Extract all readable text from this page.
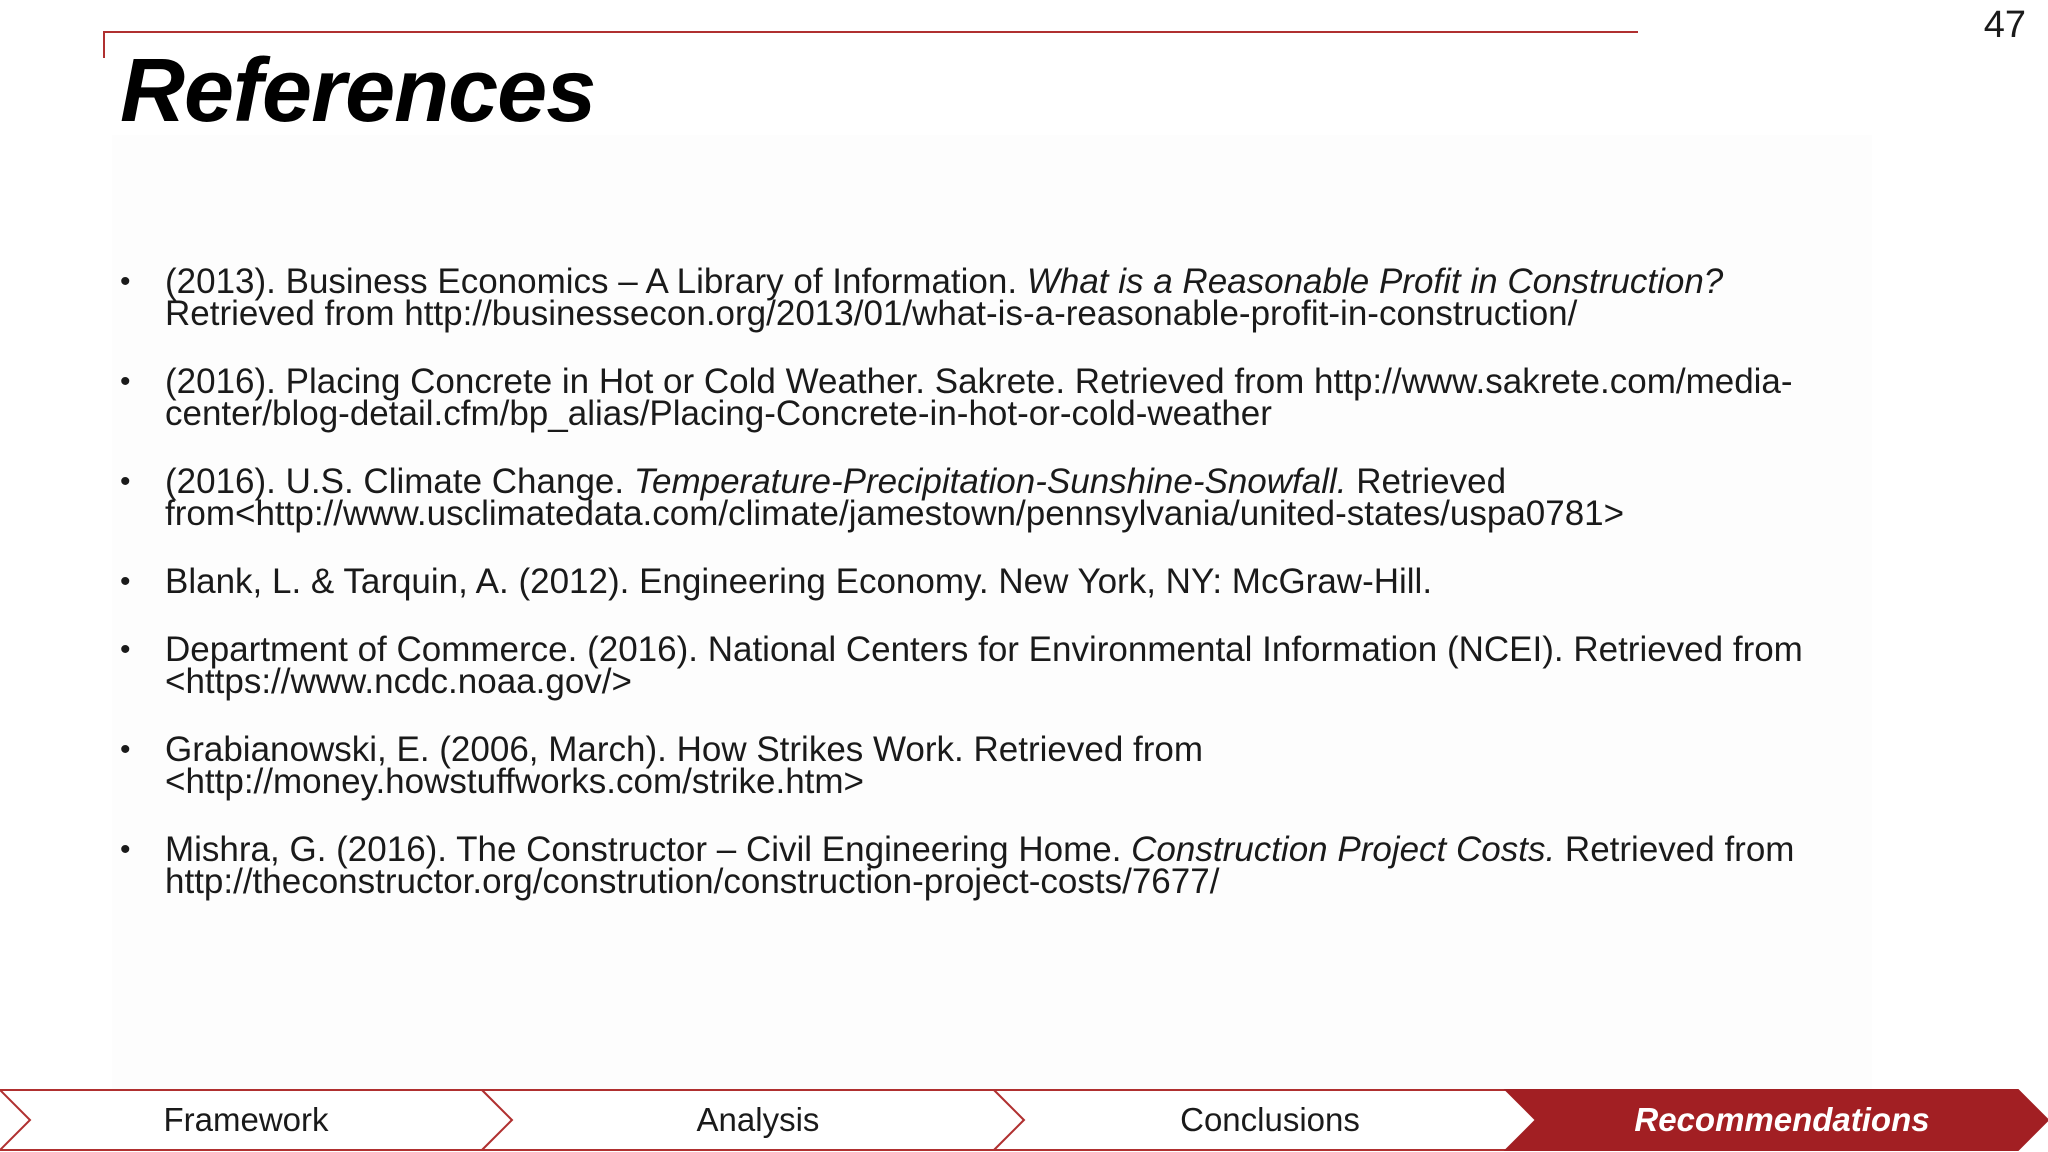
47
References
• (2013). Business Economics – A Library of Information. What is a Reasonable Profit in Construction? Retrieved from http://businessecon.org/2013/01/what-is-a-reasonable-profit-in-construction/
• (2016). Placing Concrete in Hot or Cold Weather. Sakrete. Retrieved from http://www.sakrete.com/media-center/blog-detail.cfm/bp_alias/Placing-Concrete-in-hot-or-cold-weather
• (2016). U.S. Climate Change. Temperature-Precipitation-Sunshine-Snowfall. Retrieved from<http://www.usclimatedata.com/climate/jamestown/pennsylvania/united-states/uspa0781>
• Blank, L. & Tarquin, A. (2012). Engineering Economy. New York, NY: McGraw-Hill.
• Department of Commerce. (2016). National Centers for Environmental Information (NCEI). Retrieved from <https://www.ncdc.noaa.gov/>
• Grabianowski, E. (2006, March). How Strikes Work. Retrieved from <http://money.howstuffworks.com/strike.htm>
• Mishra, G. (2016). The Constructor – Civil Engineering Home. Construction Project Costs. Retrieved from http://theconstructor.org/constrution/construction-project-costs/7677/
Framework	Analysis	Conclusions	Recommendations
